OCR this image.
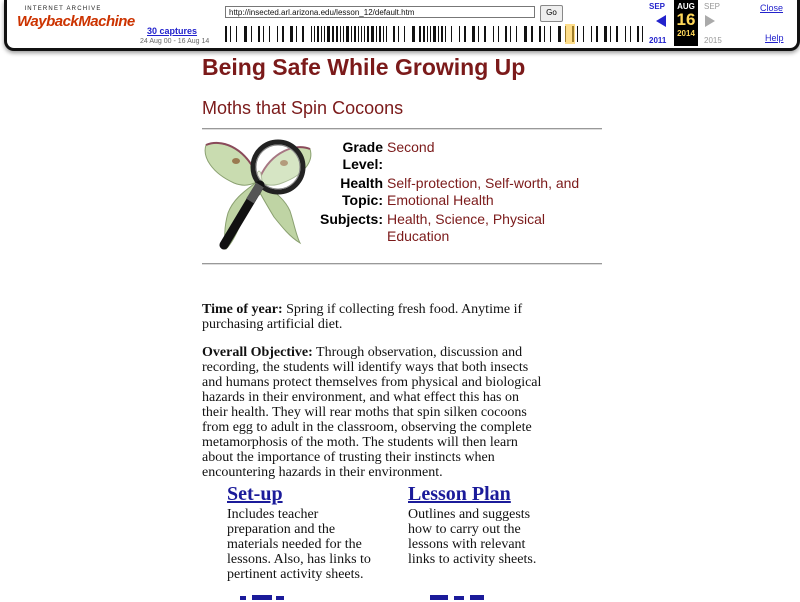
INTERNET ARCHIVE
WaybackMachine
http://insected.arl.arizona.edu/lesson_12/default.htm	Go
30 captures
24 Aug 00 - 16 Aug 14
SEP
2011
AUG
16
2014
SEP
2015
Close
Help
Being Safe While Growing Up
Moths that Spin Cocoons
Grade
Level:
Second
Health
Topic:
Self-protection, Self-worth, and
Emotional Health
Subjects: Health, Science, Physical
Education

Time of year: Spring if collecting fresh food. Anytime if
purchasing artificial diet.

Overall Objective: Through observation, discussion and
recording, the students will identify ways that both insects
and humans protect themselves from physical and biological
hazards in their environment, and what effect this has on
their health. They will rear moths that spin silken cocoons
from egg to adult in the classroom, observing the complete
metamorphosis of the moth. The students will then learn
about the importance of trusting their instincts when
encountering hazards in their environment.

Set-up

Includes teacher
preparation and the
materials needed for the
lessons. Also, has links to
pertinent activity sheets.

Lesson Plan

Outlines and suggests
how to carry out the
lessons with relevant
links to activity sheets.
